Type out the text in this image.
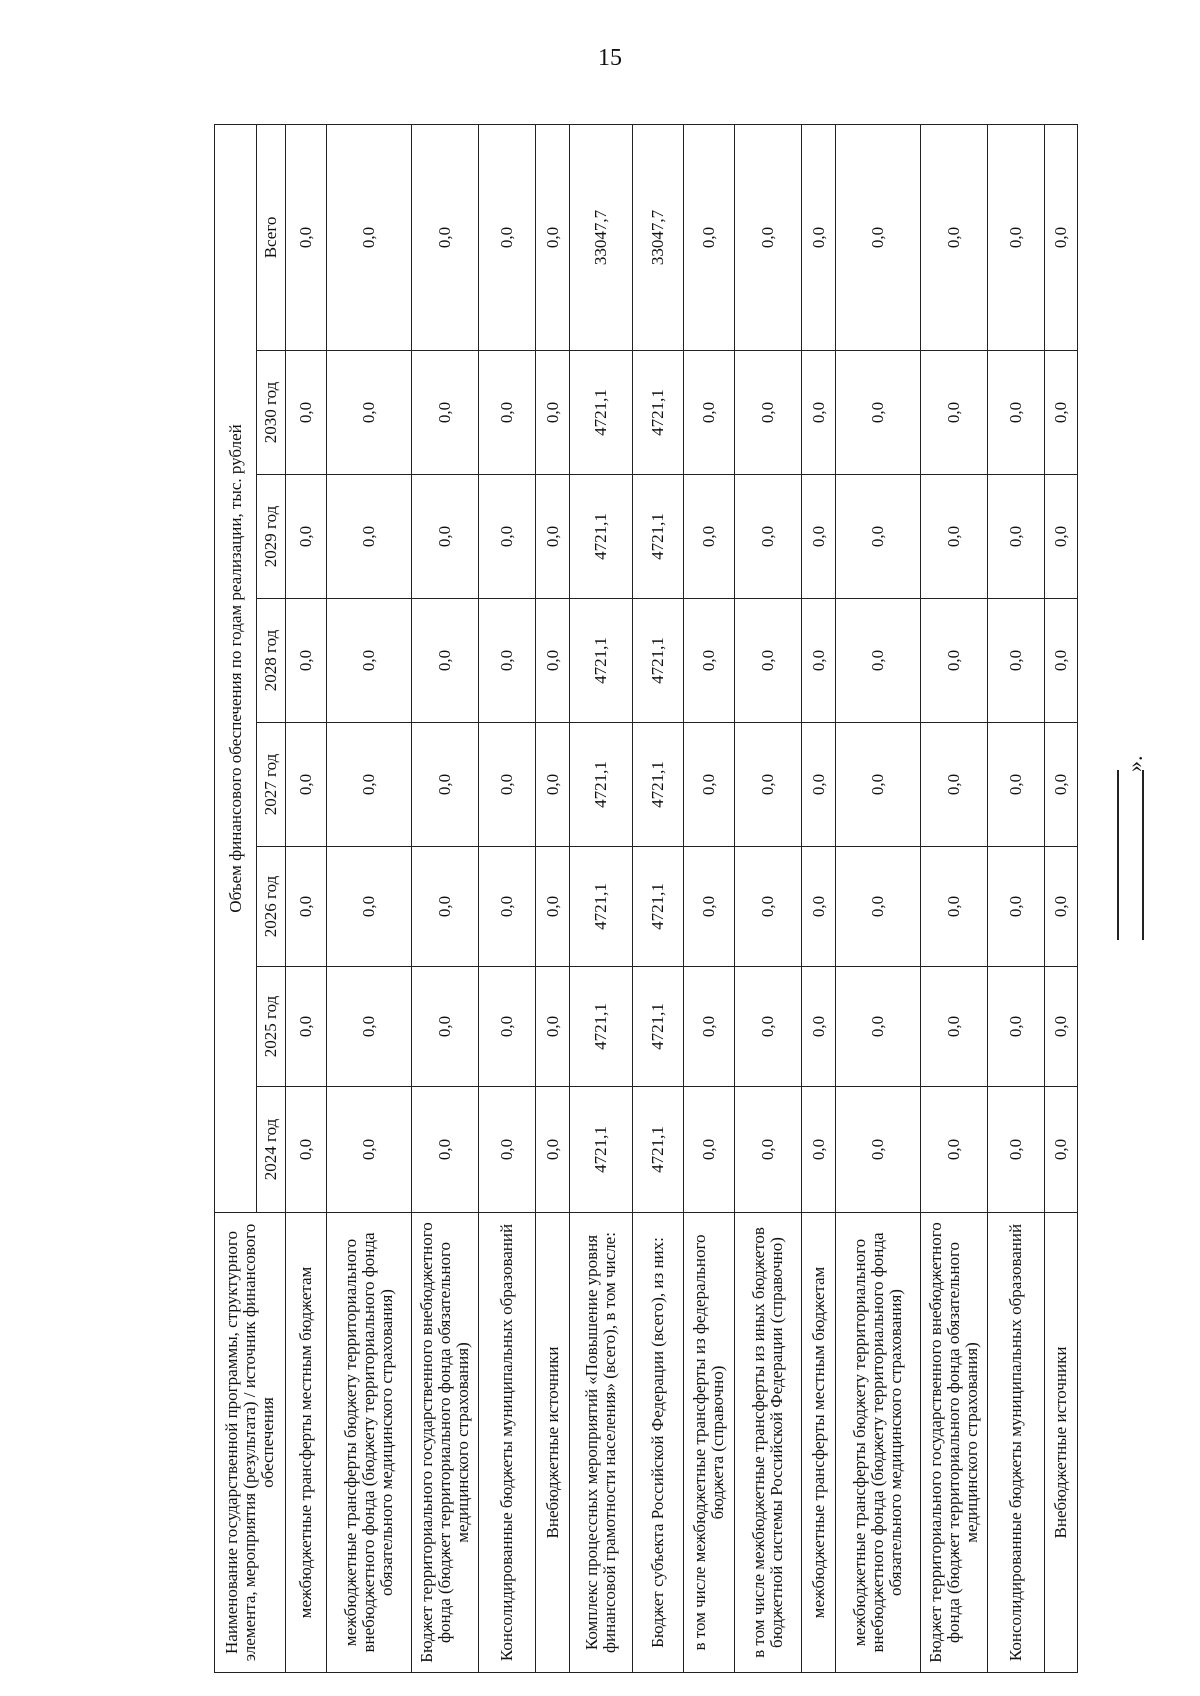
15
Наименование государственной программы, структурного элемента, мероприятия (результата) / источник финансового обеспечения	Объем финансового обеспечения по годам реализации, тыс. рублей							
	2024 год	2025 год	2026 год	2027 год	2028 год	2029 год	2030 год	Всего
межбюджетные трансферты местным бюджетам	0,0	0,0	0,0	0,0	0,0	0,0	0,0	0,0
межбюджетные трансферты бюджету территориального внебюджетного фонда (бюджету территориального фонда обязательного медицинского страхования)	0,0	0,0	0,0	0,0	0,0	0,0	0,0	0,0
Бюджет территориального государственного внебюджетного фонда (бюджет территориального фонда обязательного медицинского страхования)	0,0	0,0	0,0	0,0	0,0	0,0	0,0	0,0
Консолидированные бюджеты муниципальных образований	0,0	0,0	0,0	0,0	0,0	0,0	0,0	0,0
Внебюджетные источники	0,0	0,0	0,0	0,0	0,0	0,0	0,0	0,0
Комплекс процессных мероприятий «Повышение уровня финансовой грамотности населения» (всего), в том числе:	4721,1	4721,1	4721,1	4721,1	4721,1	4721,1	4721,1	33047,7
Бюджет субъекта Российской Федерации (всего), из них:	4721,1	4721,1	4721,1	4721,1	4721,1	4721,1	4721,1	33047,7
в том числе межбюджетные трансферты из федерального бюджета (справочно)	0,0	0,0	0,0	0,0	0,0	0,0	0,0	0,0
в том числе межбюджетные трансферты из иных бюджетов бюджетной системы Российской Федерации (справочно)	0,0	0,0	0,0	0,0	0,0	0,0	0,0	0,0
межбюджетные трансферты местным бюджетам	0,0	0,0	0,0	0,0	0,0	0,0	0,0	0,0
межбюджетные трансферты бюджету территориального внебюджетного фонда (бюджету территориального фонда обязательного медицинского страхования)	0,0	0,0	0,0	0,0	0,0	0,0	0,0	0,0
Бюджет территориального государственного внебюджетного фонда (бюджет территориального фонда обязательного медицинского страхования)	0,0	0,0	0,0	0,0	0,0	0,0	0,0	0,0
Консолидированные бюджеты муниципальных образований	0,0	0,0	0,0	0,0	0,0	0,0	0,0	0,0
Внебюджетные источники	0,0	0,0	0,0	0,0	0,0	0,0	0,0	0,0
».
